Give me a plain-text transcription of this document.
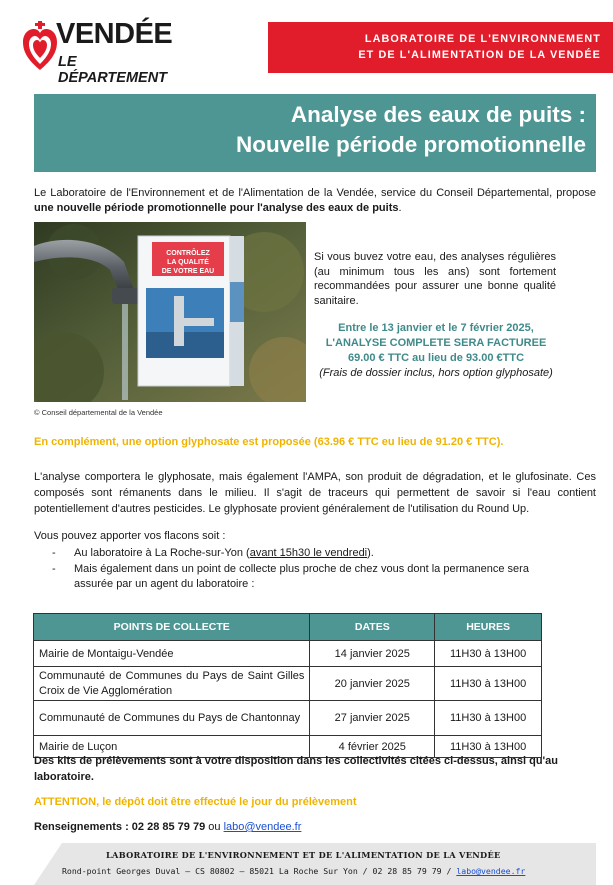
VENDÉE
LE DÉPARTEMENT
LABORATOIRE DE L'ENVIRONNEMENT
ET DE L'ALIMENTATION DE LA VENDÉE
Analyse des eaux de puits :
Nouvelle période promotionnelle

Le Laboratoire de l'Environnement et de l'Alimentation de la Vendée, service du Conseil Départemental, propose une nouvelle période promotionnelle pour l'analyse des eaux de puits.

CONTRÔLEZ
LA QUALITÉ
DE VOTRE EAU
© Conseil départemental de la Vendée

Si vous buvez votre eau, des analyses régulières (au minimum tous les ans) sont fortement recommandées pour assurer une bonne qualité sanitaire.

Entre le 13 janvier et le 7 février 2025,
L'ANALYSE COMPLETE SERA FACTUREE
69.00 € TTC au lieu de 93.00 €TTC
(Frais de dossier inclus, hors option glyphosate)
En complément, une option glyphosate est proposée (63.96 € TTC eu lieu de 91.20 € TTC).

L'analyse comportera le glyphosate, mais également l'AMPA, son produit de dégradation, et le glufosinate. Ces composés sont rémanents dans le milieu. Il s'agit de traceurs qui permettent de savoir si l'eau contient potentiellement d'autres pesticides. Le glyphosate provient généralement de l'utilisation du Round Up.

Vous pouvez apporter vos flacons soit :
- Au laboratoire à La Roche-sur-Yon (avant 15h30 le vendredi).
- Mais également dans un point de collecte plus proche de chez vous dont la permanence sera assurée par un agent du laboratoire :
POINTS DE COLLECTE	DATES	HEURES
Mairie de Montaigu-Vendée	14 janvier 2025	11H30 à 13H00
Communauté de Communes du Pays de Saint Gilles Croix de Vie Agglomération	20 janvier 2025	11H30 à 13H00
Communauté de Communes du Pays de Chantonnay	27 janvier 2025	11H30 à 13H00
Mairie de Luçon	4 février 2025	11H30 à 13H00

Des kits de prélèvements sont à votre disposition dans les collectivités citées ci-dessus, ainsi qu'au laboratoire.

ATTENTION, le dépôt doit être effectué le jour du prélèvement
Renseignements : 02 28 85 79 79 ou labo@vendee.fr
LABORATOIRE DE L'ENVIRONNEMENT ET DE L'ALIMENTATION DE LA VENDÉE
Rond-point Georges Duval – CS 80802 – 85021 La Roche Sur Yon / 02 28 85 79 79 / labo@vendee.fr
